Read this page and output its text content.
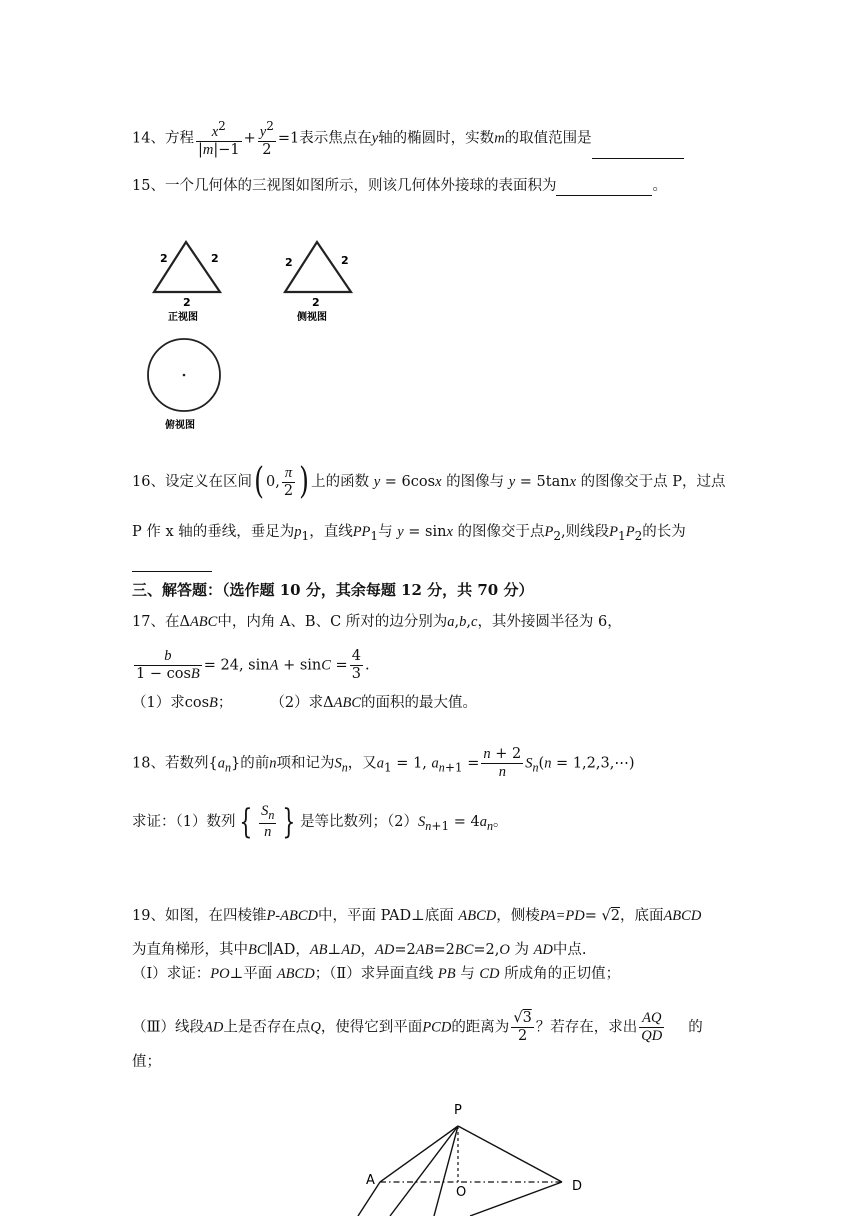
14、方程 $\frac{x^2}{|m|-1} + \frac{y^2}{2} =1$表示焦点在y轴的椭圆时，实数m的取值范围是
15、一个几何体的三视图如图所示，则该几何体外接球的表面积为	。
2	2
2
正视图
2	2
2
侧视图
俯视图
16、设定义在区间( 0, $\frac{\pi}{2}$ ) 上的函数 y = 6cosx 的图像与 y = 5tanx 的图像交于点 P，过点
P 作 x 轴的垂线，垂足为$p_1$，直线$PP_1$与 y = sinx 的图像交于点$P_2$,则线段$P_1P_2$的长为
三、解答题：（选作题 10 分，其余每题 12 分，共 70 分）
17、在ΔABC中，内角 A、B、C 所对的边分别为a,b,c，其外接圆半径为 6，
$\frac{b}{1 - \cos B} = 24$, $\sin A + \sin C = \frac{4}{3}$ .
（1）求cosB；	（2）求ΔABC的面积的最大值。
18、若数列$\{a_n\}$的前n项和记为$S_n$，又$a_1 = 1$, $a_{n+1} = \frac{n + 2}{n} S_n(n$ = 1,2,3,⋯)
求证：（1）数列 { $\frac{S_n}{n}$ } 是等比数列；$(2)S_{n+1} = 4a_n$。
19、如图，在四棱锥P-ABCD中，平面 PAD⊥底面 ABCD，侧棱PA=PD= √2，底面ABCD
为直角梯形，其中BC∥AD，AB⊥AD，AD=2AB=2BC=2,O 为 AD中点.
（Ⅰ）求证：PO⊥平面 ABCD；（Ⅱ）求异面直线 PB 与 CD 所成角的正切值；
（Ⅲ）线段AD上是否存在点Q，使得它到平面PCD的距离为 $\frac{√3}{2}$ ？若存在，求出 $\frac{AQ}{QD}$ 的
值；
P
A
O	D
